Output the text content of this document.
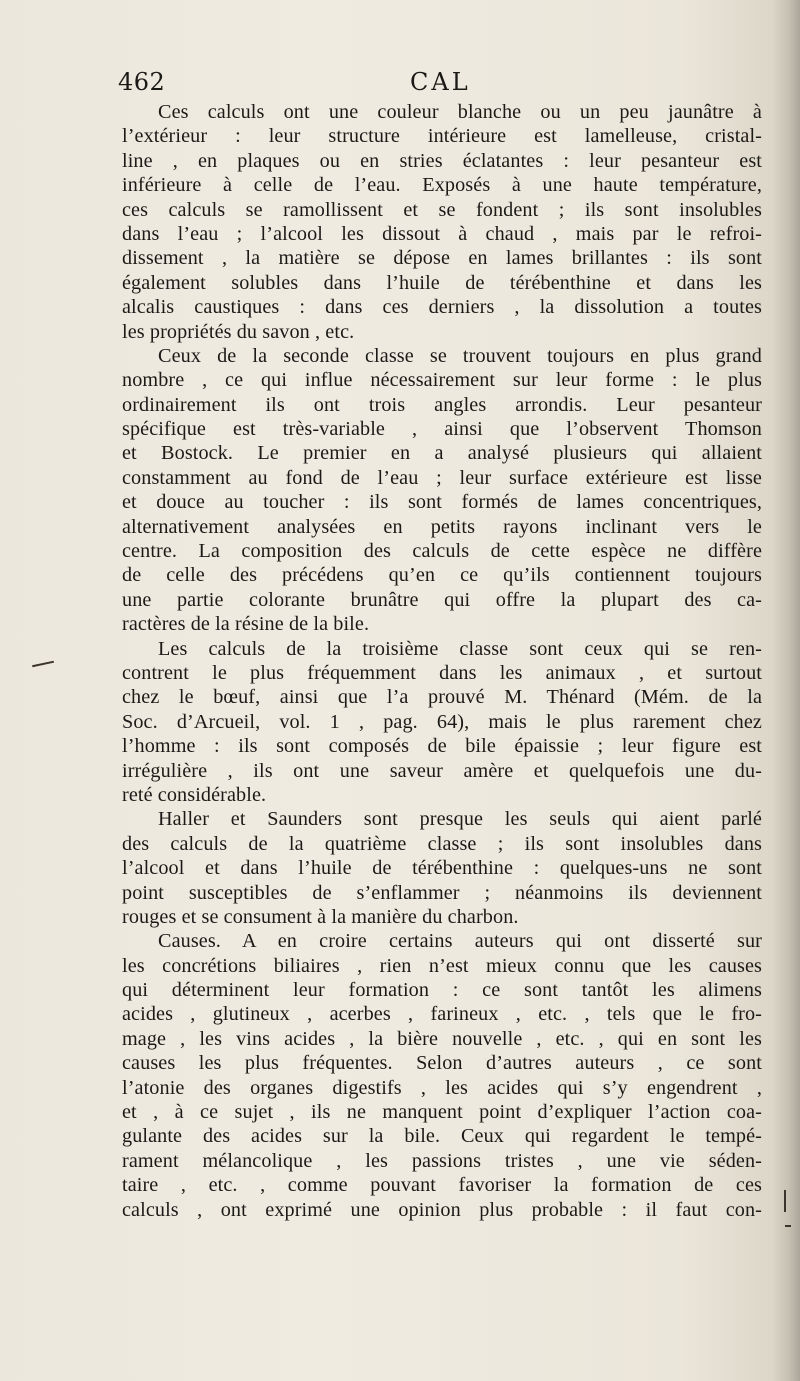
462	CAL
Ces calculs ont une couleur blanche ou un peu jaunâtre à
l’extérieur : leur structure intérieure est lamelleuse, cristal-
line , en plaques ou en stries éclatantes : leur pesanteur est
inférieure à celle de l’eau. Exposés à une haute température,
ces calculs se ramollissent et se fondent ; ils sont insolubles
dans l’eau ; l’alcool les dissout à chaud , mais par le refroi-
dissement , la matière se dépose en lames brillantes : ils sont
également solubles dans l’huile de térébenthine et dans les
alcalis caustiques : dans ces derniers , la dissolution a toutes
les propriétés du savon , etc.
Ceux de la seconde classe se trouvent toujours en plus grand
nombre , ce qui influe nécessairement sur leur forme : le plus
ordinairement ils ont trois angles arrondis. Leur pesanteur
spécifique est très-variable , ainsi que l’observent Thomson
et Bostock. Le premier en a analysé plusieurs qui allaient
constamment au fond de l’eau ; leur surface extérieure est lisse
et douce au toucher : ils sont formés de lames concentriques,
alternativement analysées en petits rayons inclinant vers le
centre. La composition des calculs de cette espèce ne diffère
de celle des précédens qu’en ce qu’ils contiennent toujours
une partie colorante brunâtre qui offre la plupart des ca-
ractères de la résine de la bile.
Les calculs de la troisième classe sont ceux qui se ren-
contrent le plus fréquemment dans les animaux , et surtout
chez le bœuf, ainsi que l’a prouvé M. Thénard (Mém. de la
Soc. d’Arcueil, vol. 1 , pag. 64), mais le plus rarement chez
l’homme : ils sont composés de bile épaissie ; leur figure est
irrégulière , ils ont une saveur amère et quelquefois une du-
reté considérable.
Haller et Saunders sont presque les seuls qui aient parlé
des calculs de la quatrième classe ; ils sont insolubles dans
l’alcool et dans l’huile de térébenthine : quelques-uns ne sont
point susceptibles de s’enflammer ; néanmoins ils deviennent
rouges et se consument à la manière du charbon.
Causes. A en croire certains auteurs qui ont disserté sur
les concrétions biliaires , rien n’est mieux connu que les causes
qui déterminent leur formation : ce sont tantôt les alimens
acides , glutineux , acerbes , farineux , etc. , tels que le fro-
mage , les vins acides , la bière nouvelle , etc. , qui en sont les
causes les plus fréquentes. Selon d’autres auteurs , ce sont
l’atonie des organes digestifs , les acides qui s’y engendrent ,
et , à ce sujet , ils ne manquent point d’expliquer l’action coa-
gulante des acides sur la bile. Ceux qui regardent le tempé-
rament mélancolique , les passions tristes , une vie séden-
taire , etc. , comme pouvant favoriser la formation de ces
calculs , ont exprimé une opinion plus probable : il faut con-
